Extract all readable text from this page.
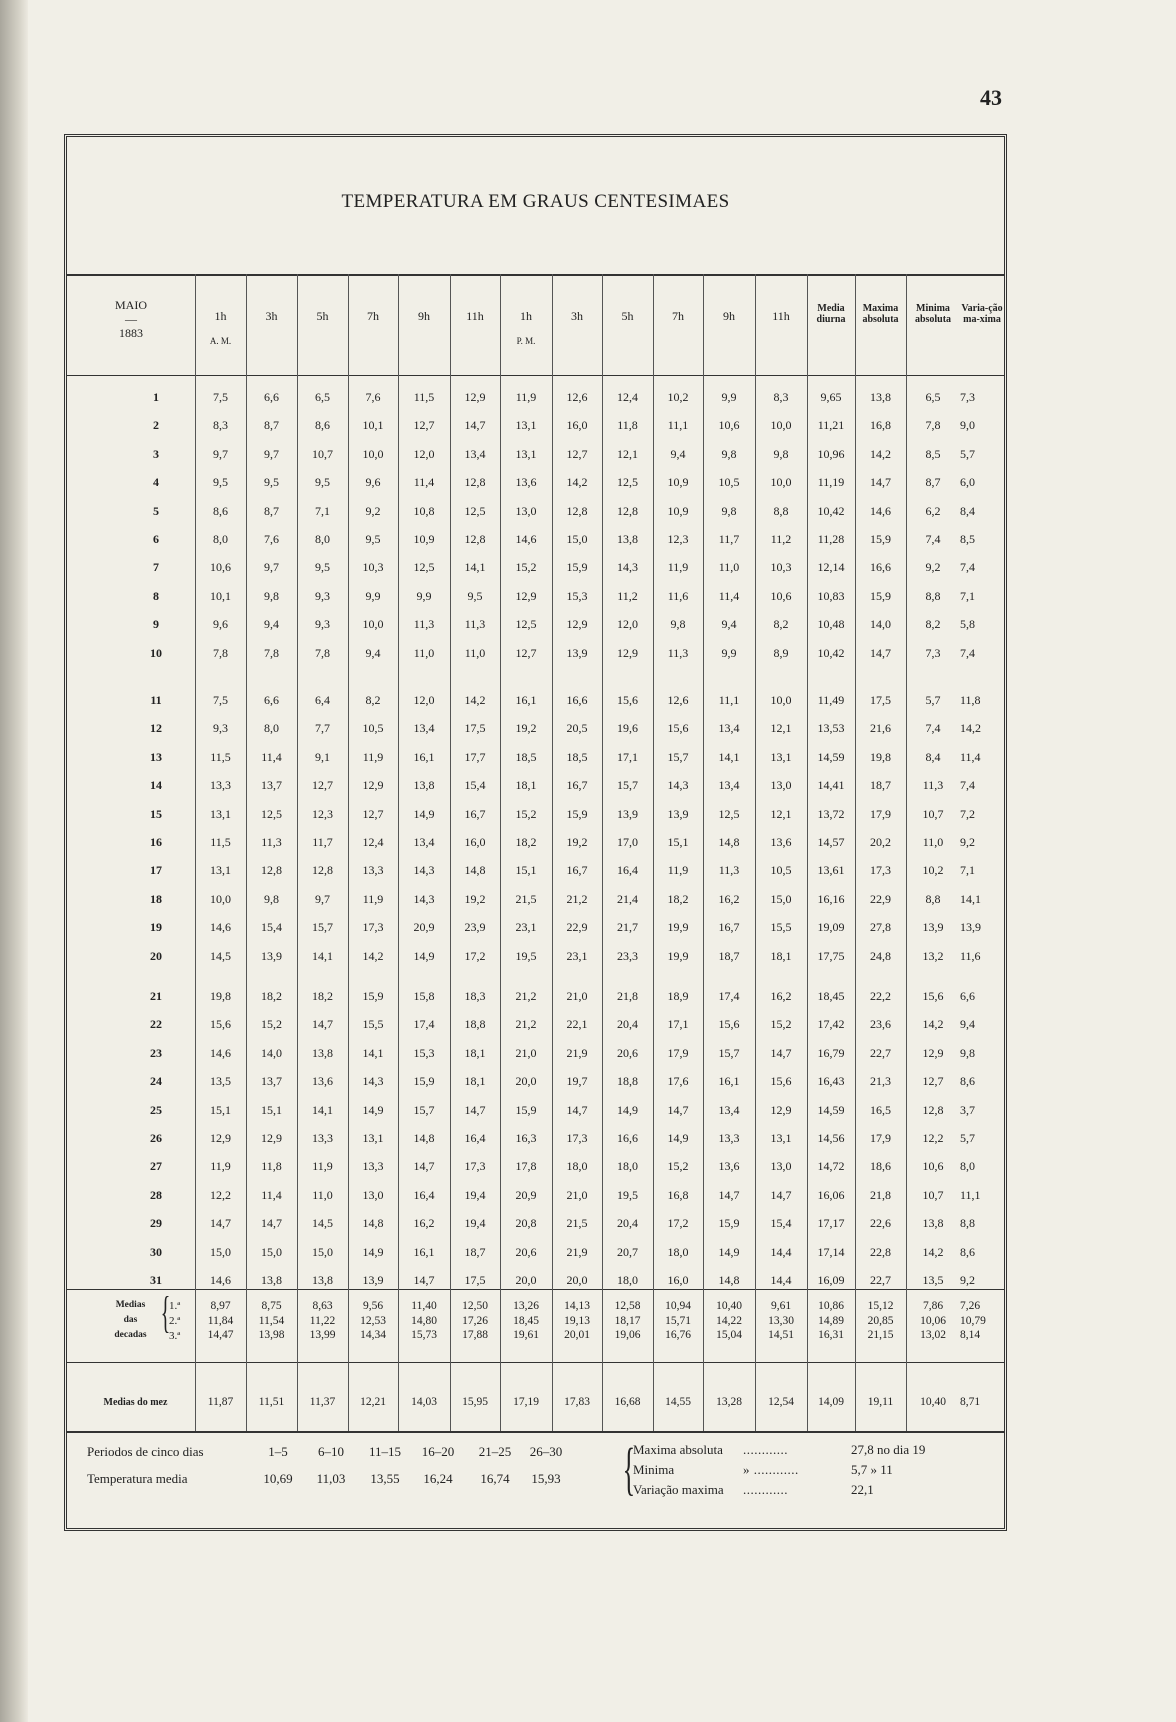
43
TEMPERATURA EM GRAUS CENTESIMAES
MAIO
—
1883
1h	3h	5h	7h	9h	11h	1h	3h	5h	7h	9h	11h
Media diurna
Maxima absoluta
Minima absoluta
Varia-ção ma-xima
A. M.	P. M.
1	7,5	6,6	6,5	7,6	11,5	12,9	11,9	12,6	12,4	10,2	9,9	8,3	9,65	13,8	6,5	7,3
2	8,3	8,7	8,6	10,1	12,7	14,7	13,1	16,0	11,8	11,1	10,6	10,0	11,21	16,8	7,8	9,0
3	9,7	9,7	10,7	10,0	12,0	13,4	13,1	12,7	12,1	9,4	9,8	9,8	10,96	14,2	8,5	5,7
4	9,5	9,5	9,5	9,6	11,4	12,8	13,6	14,2	12,5	10,9	10,5	10,0	11,19	14,7	8,7	6,0
5	8,6	8,7	7,1	9,2	10,8	12,5	13,0	12,8	12,8	10,9	9,8	8,8	10,42	14,6	6,2	8,4
6	8,0	7,6	8,0	9,5	10,9	12,8	14,6	15,0	13,8	12,3	11,7	11,2	11,28	15,9	7,4	8,5
7	10,6	9,7	9,5	10,3	12,5	14,1	15,2	15,9	14,3	11,9	11,0	10,3	12,14	16,6	9,2	7,4
8	10,1	9,8	9,3	9,9	9,9	9,5	12,9	15,3	11,2	11,6	11,4	10,6	10,83	15,9	8,8	7,1
9	9,6	9,4	9,3	10,0	11,3	11,3	12,5	12,9	12,0	9,8	9,4	8,2	10,48	14,0	8,2	5,8
10	7,8	7,8	7,8	9,4	11,0	11,0	12,7	13,9	12,9	11,3	9,9	8,9	10,42	14,7	7,3	7,4
11	7,5	6,6	6,4	8,2	12,0	14,2	16,1	16,6	15,6	12,6	11,1	10,0	11,49	17,5	5,7	11,8
12	9,3	8,0	7,7	10,5	13,4	17,5	19,2	20,5	19,6	15,6	13,4	12,1	13,53	21,6	7,4	14,2
13	11,5	11,4	9,1	11,9	16,1	17,7	18,5	18,5	17,1	15,7	14,1	13,1	14,59	19,8	8,4	11,4
14	13,3	13,7	12,7	12,9	13,8	15,4	18,1	16,7	15,7	14,3	13,4	13,0	14,41	18,7	11,3	7,4
15	13,1	12,5	12,3	12,7	14,9	16,7	15,2	15,9	13,9	13,9	12,5	12,1	13,72	17,9	10,7	7,2
16	11,5	11,3	11,7	12,4	13,4	16,0	18,2	19,2	17,0	15,1	14,8	13,6	14,57	20,2	11,0	9,2
17	13,1	12,8	12,8	13,3	14,3	14,8	15,1	16,7	16,4	11,9	11,3	10,5	13,61	17,3	10,2	7,1
18	10,0	9,8	9,7	11,9	14,3	19,2	21,5	21,2	21,4	18,2	16,2	15,0	16,16	22,9	8,8	14,1
19	14,6	15,4	15,7	17,3	20,9	23,9	23,1	22,9	21,7	19,9	16,7	15,5	19,09	27,8	13,9	13,9
20	14,5	13,9	14,1	14,2	14,9	17,2	19,5	23,1	23,3	19,9	18,7	18,1	17,75	24,8	13,2	11,6
21	19,8	18,2	18,2	15,9	15,8	18,3	21,2	21,0	21,8	18,9	17,4	16,2	18,45	22,2	15,6	6,6
22	15,6	15,2	14,7	15,5	17,4	18,8	21,2	22,1	20,4	17,1	15,6	15,2	17,42	23,6	14,2	9,4
23	14,6	14,0	13,8	14,1	15,3	18,1	21,0	21,9	20,6	17,9	15,7	14,7	16,79	22,7	12,9	9,8
24	13,5	13,7	13,6	14,3	15,9	18,1	20,0	19,7	18,8	17,6	16,1	15,6	16,43	21,3	12,7	8,6
25	15,1	15,1	14,1	14,9	15,7	14,7	15,9	14,7	14,9	14,7	13,4	12,9	14,59	16,5	12,8	3,7
26	12,9	12,9	13,3	13,1	14,8	16,4	16,3	17,3	16,6	14,9	13,3	13,1	14,56	17,9	12,2	5,7
27	11,9	11,8	11,9	13,3	14,7	17,3	17,8	18,0	18,0	15,2	13,6	13,0	14,72	18,6	10,6	8,0
28	12,2	11,4	11,0	13,0	16,4	19,4	20,9	21,0	19,5	16,8	14,7	14,7	16,06	21,8	10,7	11,1
29	14,7	14,7	14,5	14,8	16,2	19,4	20,8	21,5	20,4	17,2	15,9	15,4	17,17	22,6	13,8	8,8
30	15,0	15,0	15,0	14,9	16,1	18,7	20,6	21,9	20,7	18,0	14,9	14,4	17,14	22,8	14,2	8,6
31	14,6	13,8	13,8	13,9	14,7	17,5	20,0	20,0	18,0	16,0	14,8	14,4	16,09	22,7	13,5	9,2
Medias
das
decadas {
1.ª
2.ª
3.ª
8,97	8,75	8,63	9,56	11,40	12,50	13,26	14,13	12,58	10,94	10,40	9,61	10,86	15,12	7,86	7,26
11,84	11,54	11,22	12,53	14,80	17,26	18,45	19,13	18,17	15,71	14,22	13,30	14,89	20,85	10,06	10,79
14,47	13,98	13,99	14,34	15,73	17,88	19,61	20,01	19,06	16,76	15,04	14,51	16,31	21,15	13,02	8,14
Medias do mez	11,87	11,51	11,37	12,21	14,03	15,95	17,19	17,83	16,68	14,55	13,28	12,54	14,09	19,11	10,40	8,71
Periodos de cinco dias
Temperatura media
1–5	6–10	11–15	16–20	21–25	26–30
10,69	11,03	13,55	16,24	16,74	15,93 {
Maxima absoluta ............	27,8 no dia 19
Minima	» ............	5,7 » 11
Variação maxima ............	22,1
